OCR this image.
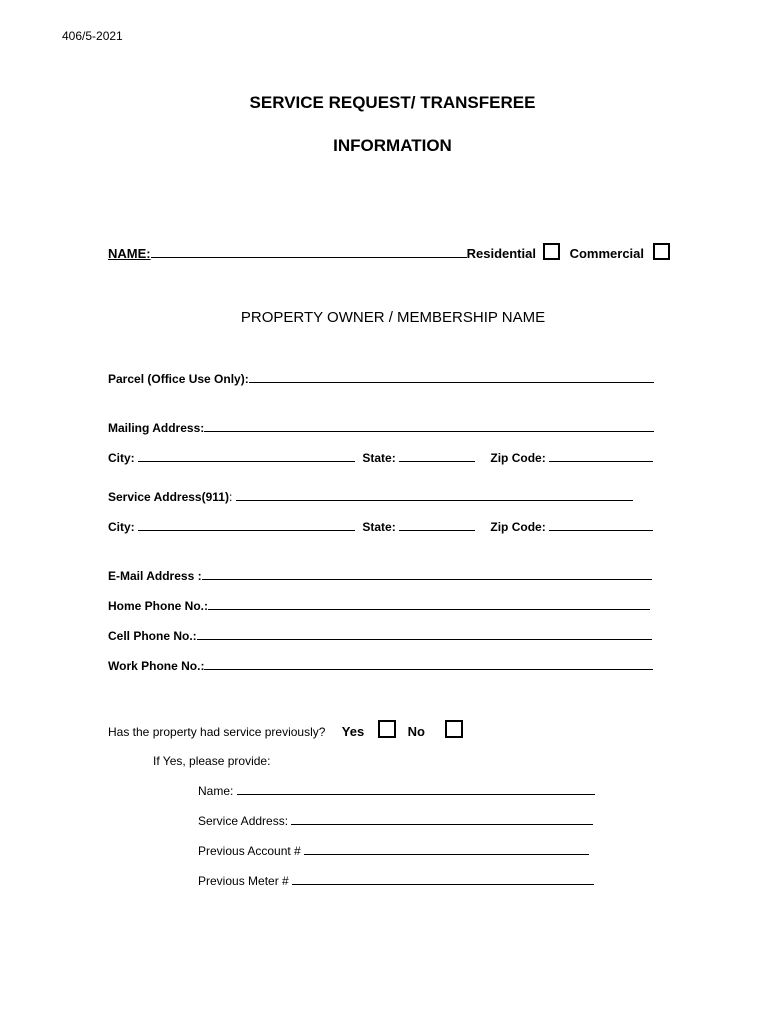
406/5-2021
SERVICE REQUEST/ TRANSFEREE
INFORMATION
NAME:	Residential	Commercial
PROPERTY OWNER / MEMBERSHIP NAME
Parcel (Office Use Only):
Mailing Address:
City:	State:	Zip Code:
Service Address(911):
City:	State:	Zip Code:
E-Mail Address :
Home Phone No.:
Cell Phone No.:
Work Phone No.:
Has the property had service previously? Yes	No
If Yes, please provide:
Name:
Service Address:
Previous Account #
Previous Meter #
